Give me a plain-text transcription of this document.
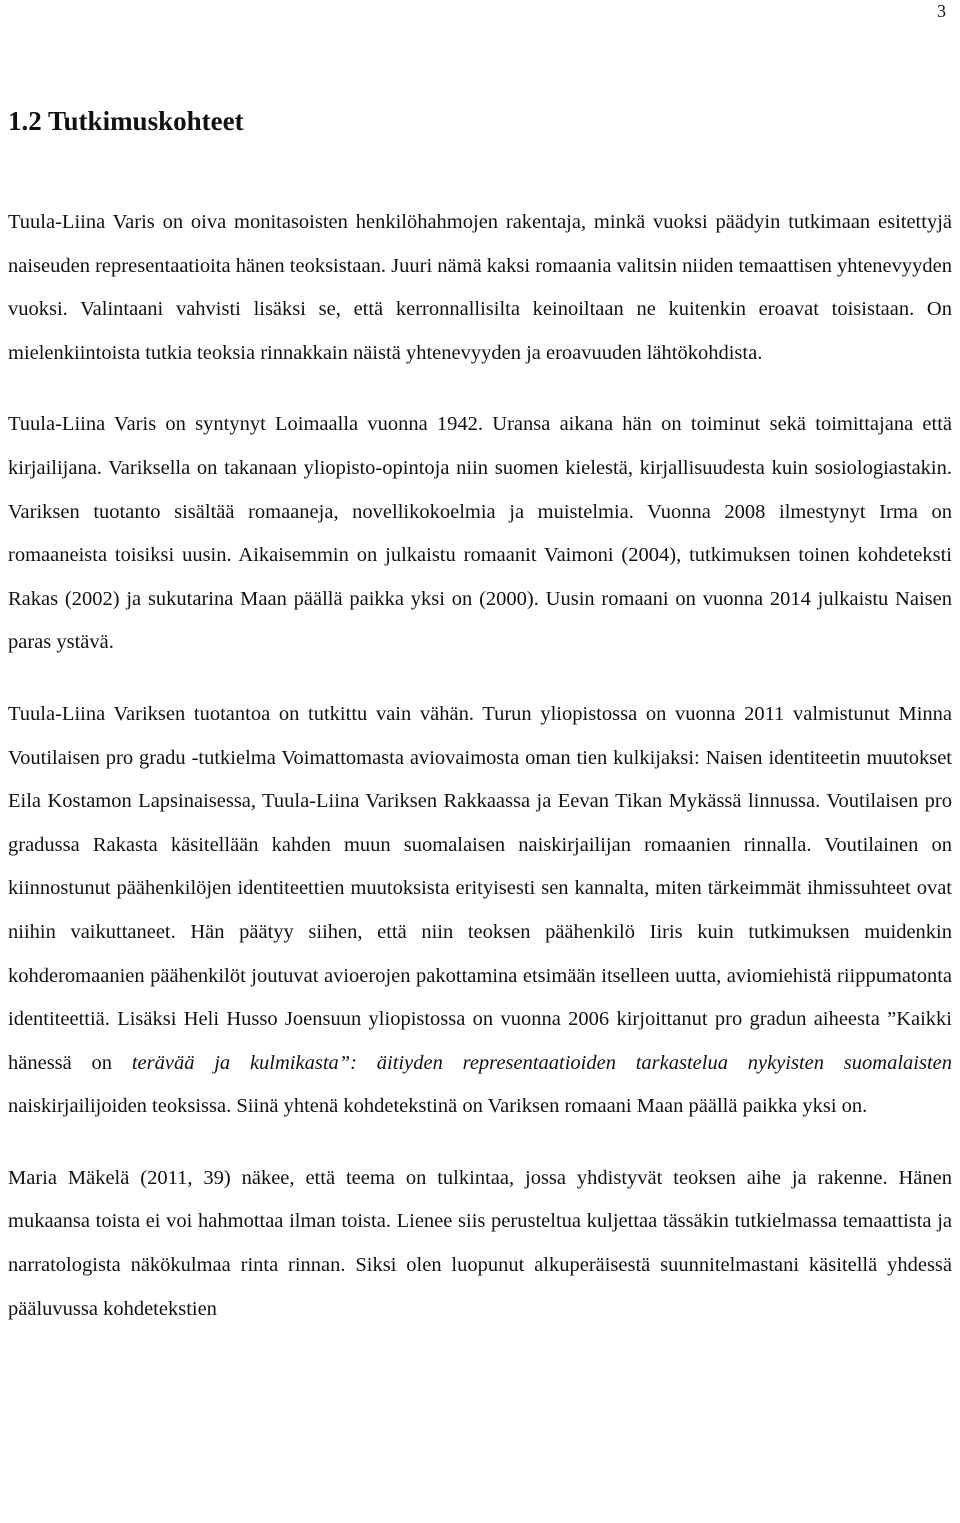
3
1.2 Tutkimuskohteet

Tuula-Liina Varis on oiva monitasoisten henkilöhahmojen rakentaja, minkä vuoksi päädyin tutkimaan esitettyjä naiseuden representaatioita hänen teoksistaan. Juuri nämä kaksi romaania valitsin niiden temaattisen yhtenevyyden vuoksi. Valintaani vahvisti lisäksi se, että kerronnallisilta keinoiltaan ne kuitenkin eroavat toisistaan. On mielenkiintoista tutkia teoksia rinnakkain näistä yhtenevyyden ja eroavuuden lähtökohdista.

Tuula-Liina Varis on syntynyt Loimaalla vuonna 1942. Uransa aikana hän on toiminut sekä toimittajana että kirjailijana. Variksella on takanaan yliopisto-opintoja niin suomen kielestä, kirjallisuudesta kuin sosiologiastakin. Variksen tuotanto sisältää romaaneja, novellikokoelmia ja muistelmia. Vuonna 2008 ilmestynyt Irma on romaaneista toisiksi uusin. Aikaisemmin on julkaistu romaanit Vaimoni (2004), tutkimuksen toinen kohdeteksti Rakas (2002) ja sukutarina Maan päällä paikka yksi on (2000). Uusin romaani on vuonna 2014 julkaistu Naisen paras ystävä.

Tuula-Liina Variksen tuotantoa on tutkittu vain vähän. Turun yliopistossa on vuonna 2011 valmistunut Minna Voutilaisen pro gradu -tutkielma Voimattomasta aviovaimosta oman tien kulkijaksi: Naisen identiteetin muutokset Eila Kostamon Lapsinaisessa, Tuula-Liina Variksen Rakkaassa ja Eevan Tikan Mykässä linnussa. Voutilaisen pro gradussa Rakasta käsitellään kahden muun suomalaisen naiskirjailijan romaanien rinnalla. Voutilainen on kiinnostunut päähenkilöjen identiteettien muutoksista erityisesti sen kannalta, miten tärkeimmät ihmissuhteet ovat niihin vaikuttaneet. Hän päätyy siihen, että niin teoksen päähenkilö Iiris kuin tutkimuksen muidenkin kohderomaanien päähenkilöt joutuvat avioerojen pakottamina etsimään itselleen uutta, aviomiehistä riippumatonta identiteettiä. Lisäksi Heli Husso Joensuun yliopistossa on vuonna 2006 kirjoittanut pro gradun aiheesta ”Kaikki hänessä on terävää ja kulmikasta”: äitiyden representaatioiden tarkastelua nykyisten suomalaisten naiskirjailijoiden teoksissa. Siinä yhtenä kohdetekstinä on Variksen romaani Maan päällä paikka yksi on.

Maria Mäkelä (2011, 39) näkee, että teema on tulkintaa, jossa yhdistyvät teoksen aihe ja rakenne. Hänen mukaansa toista ei voi hahmottaa ilman toista. Lienee siis perusteltua kuljettaa tässäkin tutkielmassa temaattista ja narratologista näkökulmaa rinta rinnan. Siksi olen luopunut alkuperäisestä suunnitelmastani käsitellä yhdessä pääluvussa kohdetekstien
